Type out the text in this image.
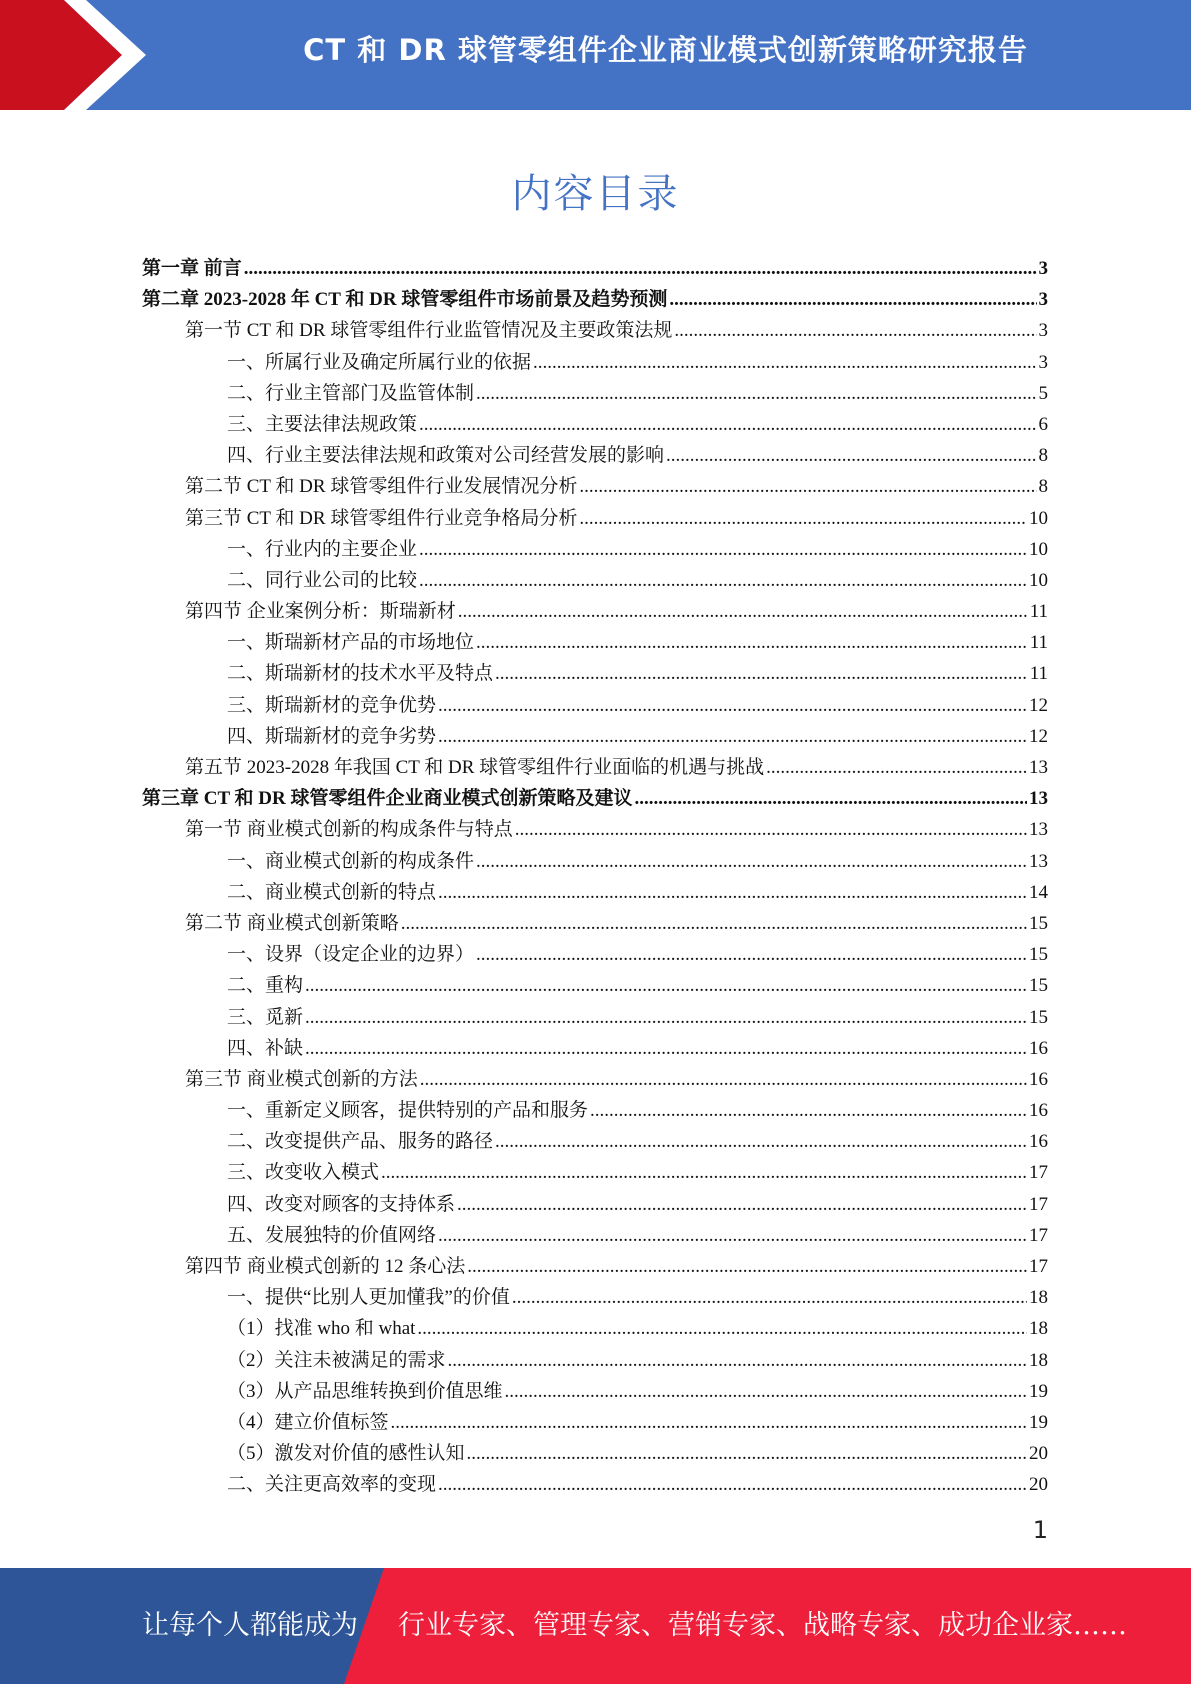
CT 和 DR 球管零组件企业商业模式创新策略研究报告
内容目录
第一章 前言 .....	3
第二章 2023-2028 年 CT 和 DR 球管零组件市场前景及趋势预测 .....	3
第一节 CT 和 DR 球管零组件行业监管情况及主要政策法规 .....	3
一、所属行业及确定所属行业的依据 .....	3
二、行业主管部门及监管体制 .....	5
三、主要法律法规政策 .....	6
四、行业主要法律法规和政策对公司经营发展的影响 .....	8
第二节 CT 和 DR 球管零组件行业发展情况分析 .....	8
第三节 CT 和 DR 球管零组件行业竞争格局分析 .....	10
一、行业内的主要企业 .....	10
二、同行业公司的比较 .....	10
第四节 企业案例分析：斯瑞新材 .....	11
一、斯瑞新材产品的市场地位 .....	11
二、斯瑞新材的技术水平及特点 .....	11
三、斯瑞新材的竞争优势 .....	12
四、斯瑞新材的竞争劣势 .....	12
第五节 2023-2028 年我国 CT 和 DR 球管零组件行业面临的机遇与挑战 .....	13
第三章 CT 和 DR 球管零组件企业商业模式创新策略及建议 .....	13
第一节 商业模式创新的构成条件与特点 .....	13
一、商业模式创新的构成条件 .....	13
二、商业模式创新的特点 .....	14
第二节 商业模式创新策略 .....	15
一、设界（设定企业的边界） .....	15
二、重构 .....	15
三、觅新 .....	15
四、补缺 .....	16
第三节 商业模式创新的方法 .....	16
一、重新定义顾客，提供特别的产品和服务 .....	16
二、改变提供产品、服务的路径 .....	16
三、改变收入模式 .....	17
四、改变对顾客的支持体系 .....	17
五、发展独特的价值网络 .....	17
第四节 商业模式创新的 12 条心法 .....	17
一、提供“比别人更加懂我”的价值 .....	18
（1）找准 who 和 what .....	18
（2）关注未被满足的需求 .....	18
（3）从产品思维转换到价值思维 .....	19
（4）建立价值标签 .....	19
（5）激发对价值的感性认知 .....	20
二、关注更高效率的变现 .....	20
1
让每个人都能成为 行业专家、管理专家、营销专家、战略专家、成功企业家……
